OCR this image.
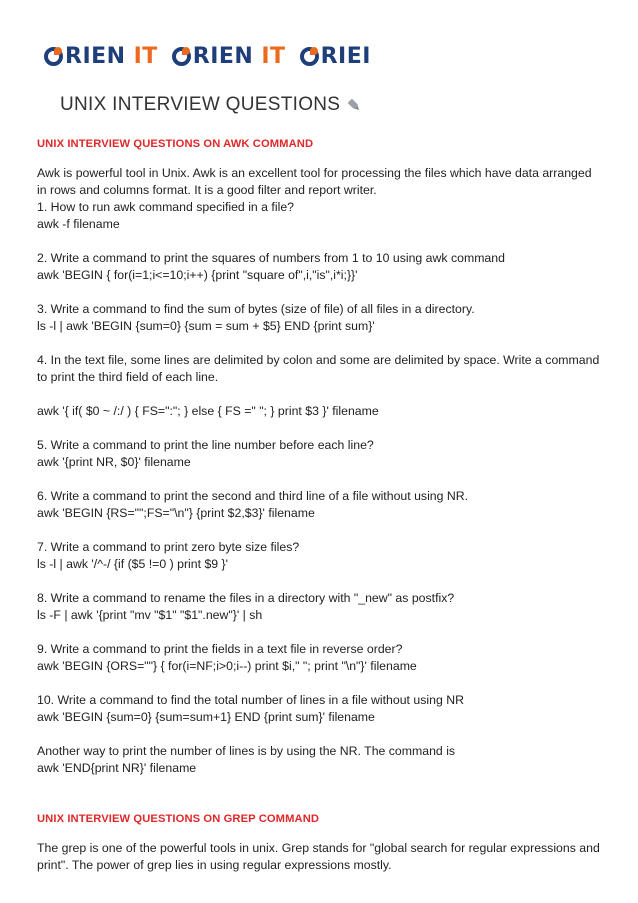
RIEN IT RIEN IT RIEI
UNIX INTERVIEW QUESTIONS
UNIX INTERVIEW QUESTIONS ON AWK COMMAND
Awk is powerful tool in Unix. Awk is an excellent tool for processing the files which have data arranged in rows and columns format. It is a good filter and report writer.
1. How to run awk command specified in a file?
awk -f filename
2. Write a command to print the squares of numbers from 1 to 10 using awk command
awk 'BEGIN { for(i=1;i<=10;i++) {print "square of",i,"is",i*i;}}'
3. Write a command to find the sum of bytes (size of file) of all files in a directory.
ls -l | awk 'BEGIN {sum=0} {sum = sum + $5} END {print sum}'
4. In the text file, some lines are delimited by colon and some are delimited by space. Write a command to print the third field of each line.
awk '{ if( $0 ~ /:/ ) { FS=":"; } else { FS =" "; } print $3 }' filename
5. Write a command to print the line number before each line?
awk '{print NR, $0}' filename
6. Write a command to print the second and third line of a file without using NR.
awk 'BEGIN {RS="";FS="\n"} {print $2,$3}' filename
7. Write a command to print zero byte size files?
ls -l | awk '/^-/ {if ($5 !=0 ) print $9 }'
8. Write a command to rename the files in a directory with "_new" as postfix?
ls -F | awk '{print "mv "$1" "$1".new"}' | sh
9. Write a command to print the fields in a text file in reverse order?
awk 'BEGIN {ORS=""} { for(i=NF;i>0;i--) print $i," "; print "\n"}' filename
10. Write a command to find the total number of lines in a file without using NR
awk 'BEGIN {sum=0} {sum=sum+1} END {print sum}' filename
Another way to print the number of lines is by using the NR. The command is
awk 'END{print NR}' filename
UNIX INTERVIEW QUESTIONS ON GREP COMMAND
The grep is one of the powerful tools in unix. Grep stands for "global search for regular expressions and print". The power of grep lies in using regular expressions mostly.
